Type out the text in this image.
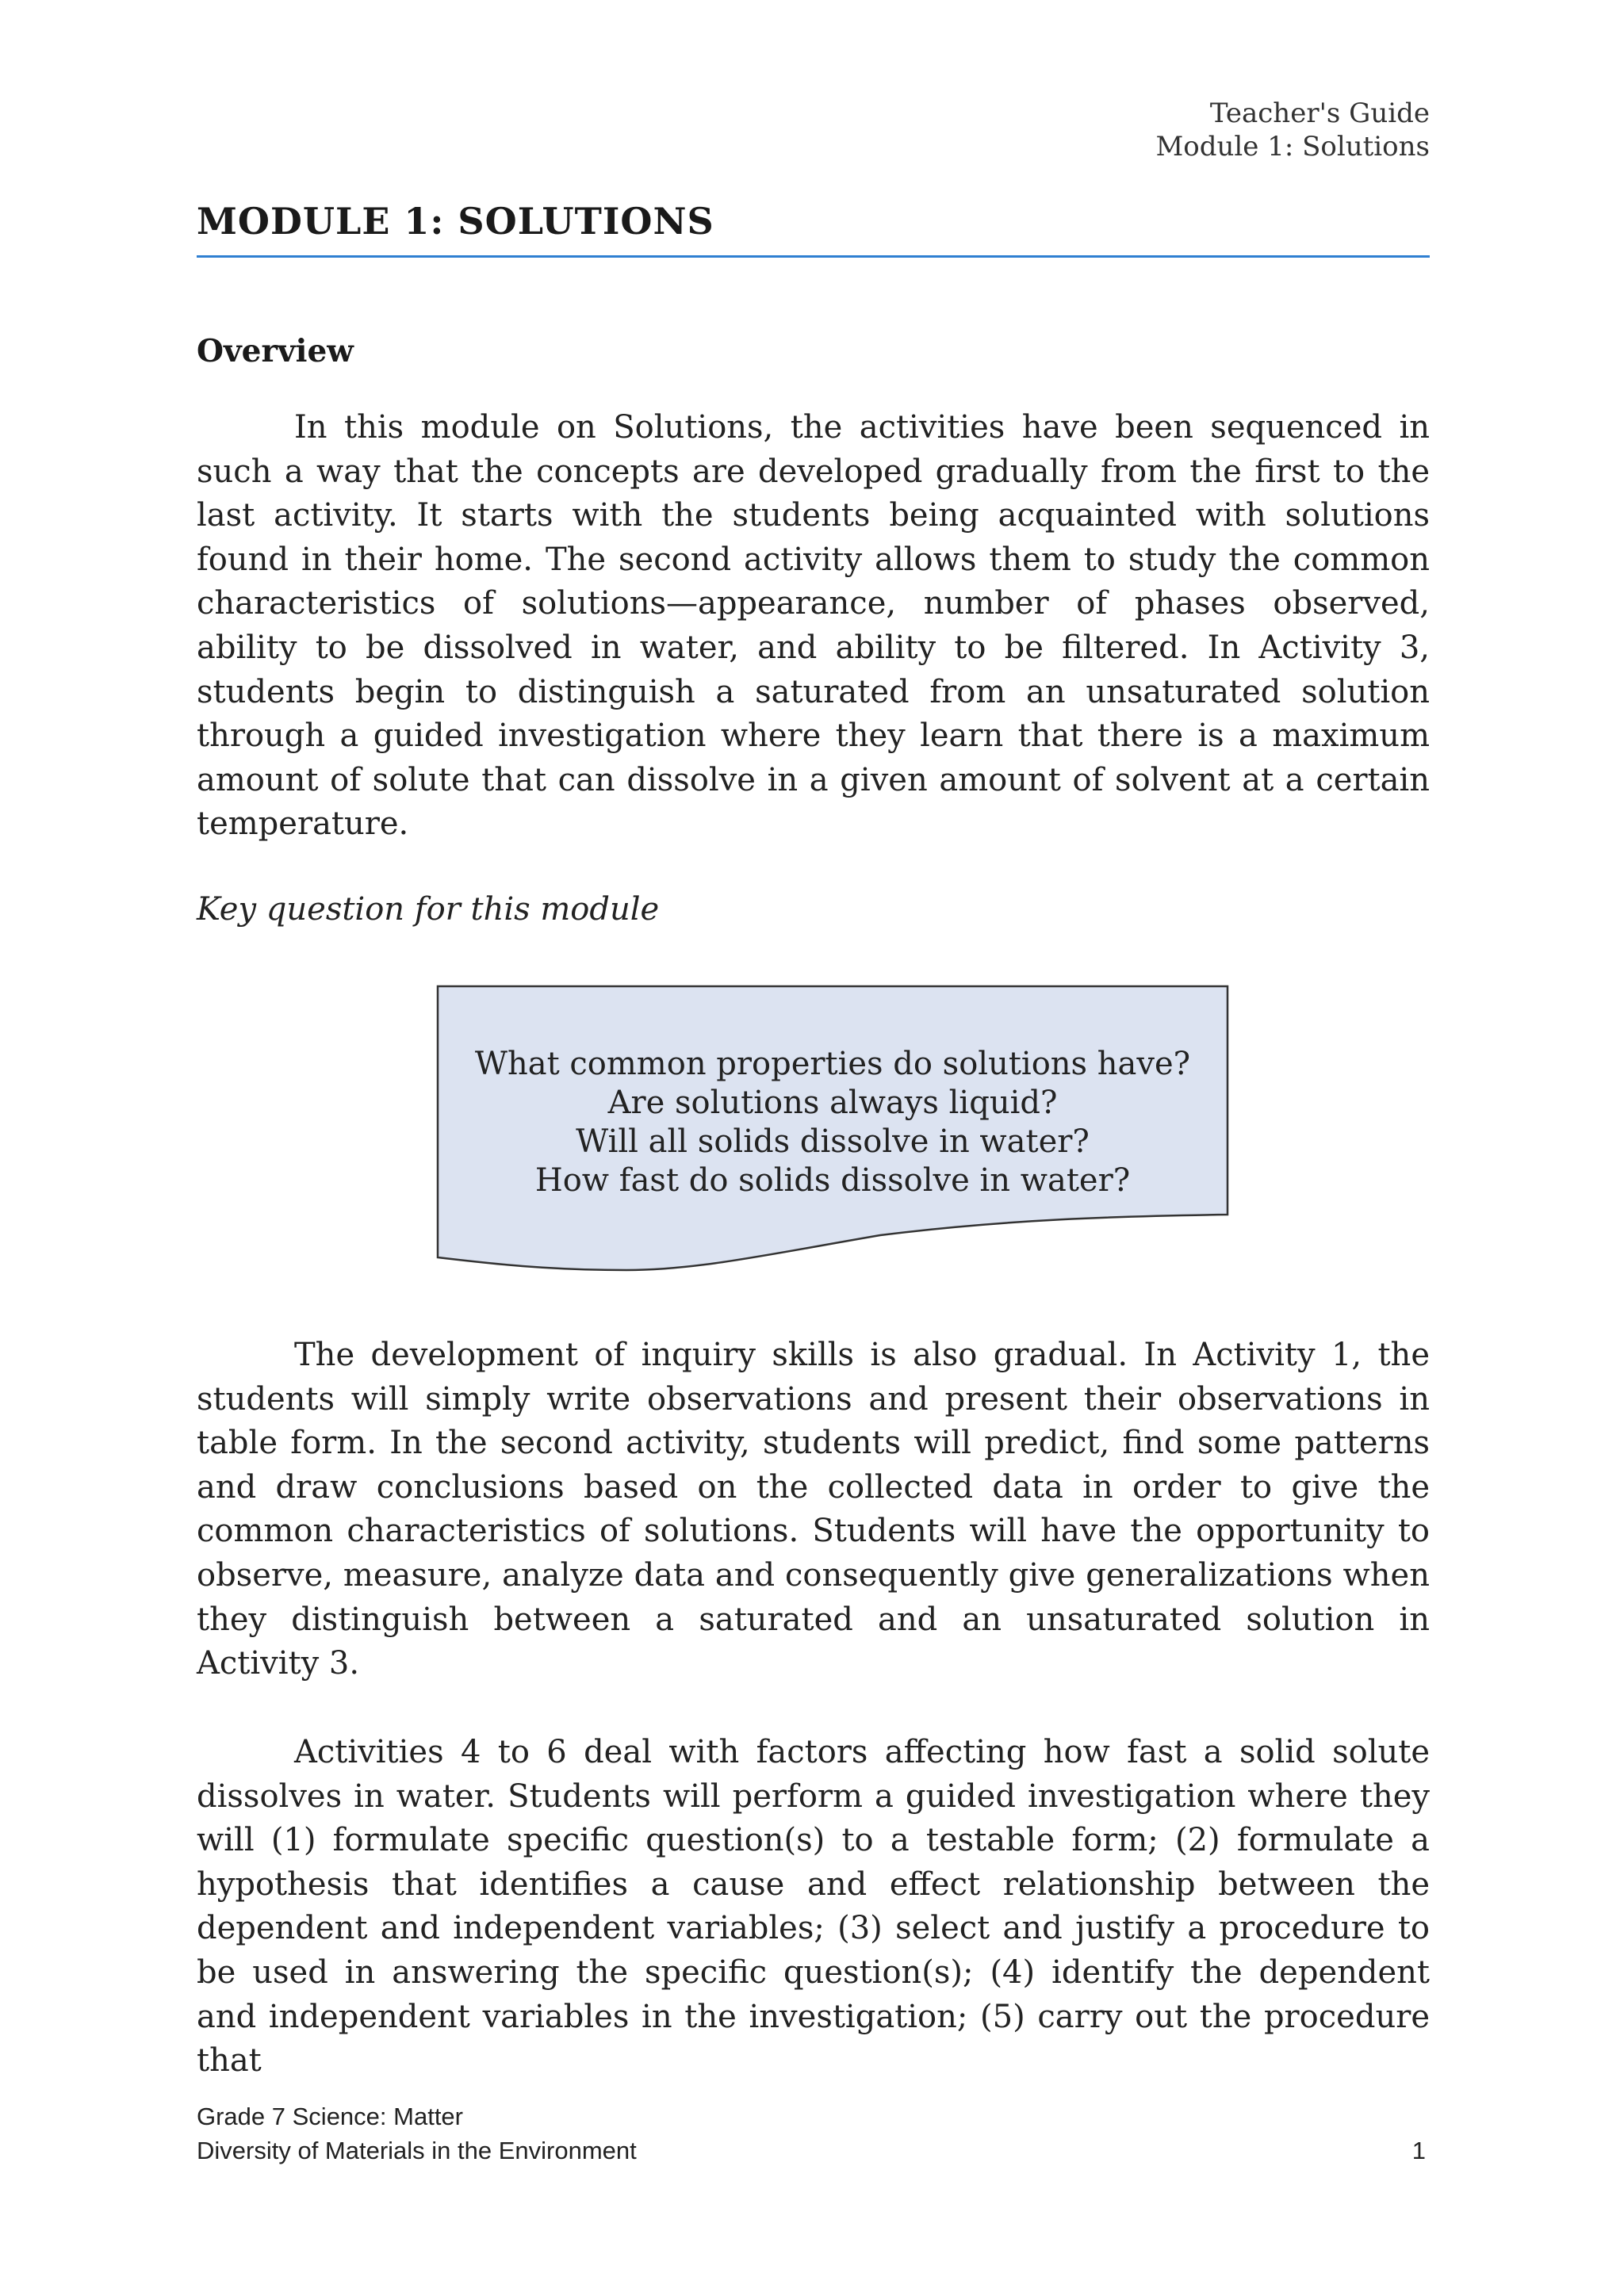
Teacher's Guide
Module 1: Solutions
MODULE 1: SOLUTIONS
Overview

In this module on Solutions, the activities have been sequenced in such a way that the concepts are developed gradually from the first to the last activity. It starts with the students being acquainted with solutions found in their home. The second activity allows them to study the common characteristics of solutions—appearance, number of phases observed, ability to be dissolved in water, and ability to be filtered. In Activity 3, students begin to distinguish a saturated from an unsaturated solution through a guided investigation where they learn that there is a maximum amount of solute that can dissolve in a given amount of solvent at a certain temperature.

Key question for this module

What common properties do solutions have?
Are solutions always liquid?
Will all solids dissolve in water?
How fast do solids dissolve in water?

The development of inquiry skills is also gradual. In Activity 1, the students will simply write observations and present their observations in table form. In the second activity, students will predict, find some patterns and draw conclusions based on the collected data in order to give the common characteristics of solutions. Students will have the opportunity to observe, measure, analyze data and consequently give generalizations when they distinguish between a saturated and an unsaturated solution in Activity 3.

Activities 4 to 6 deal with factors affecting how fast a solid solute dissolves in water. Students will perform a guided investigation where they will (1) formulate specific question(s) to a testable form; (2) formulate a hypothesis that identifies a cause and effect relationship between the dependent and independent variables; (3) select and justify a procedure to be used in answering the specific question(s); (4) identify the dependent and independent variables in the investigation; (5) carry out the procedure that

Grade 7 Science: Matter
Diversity of Materials in the Environment	1
